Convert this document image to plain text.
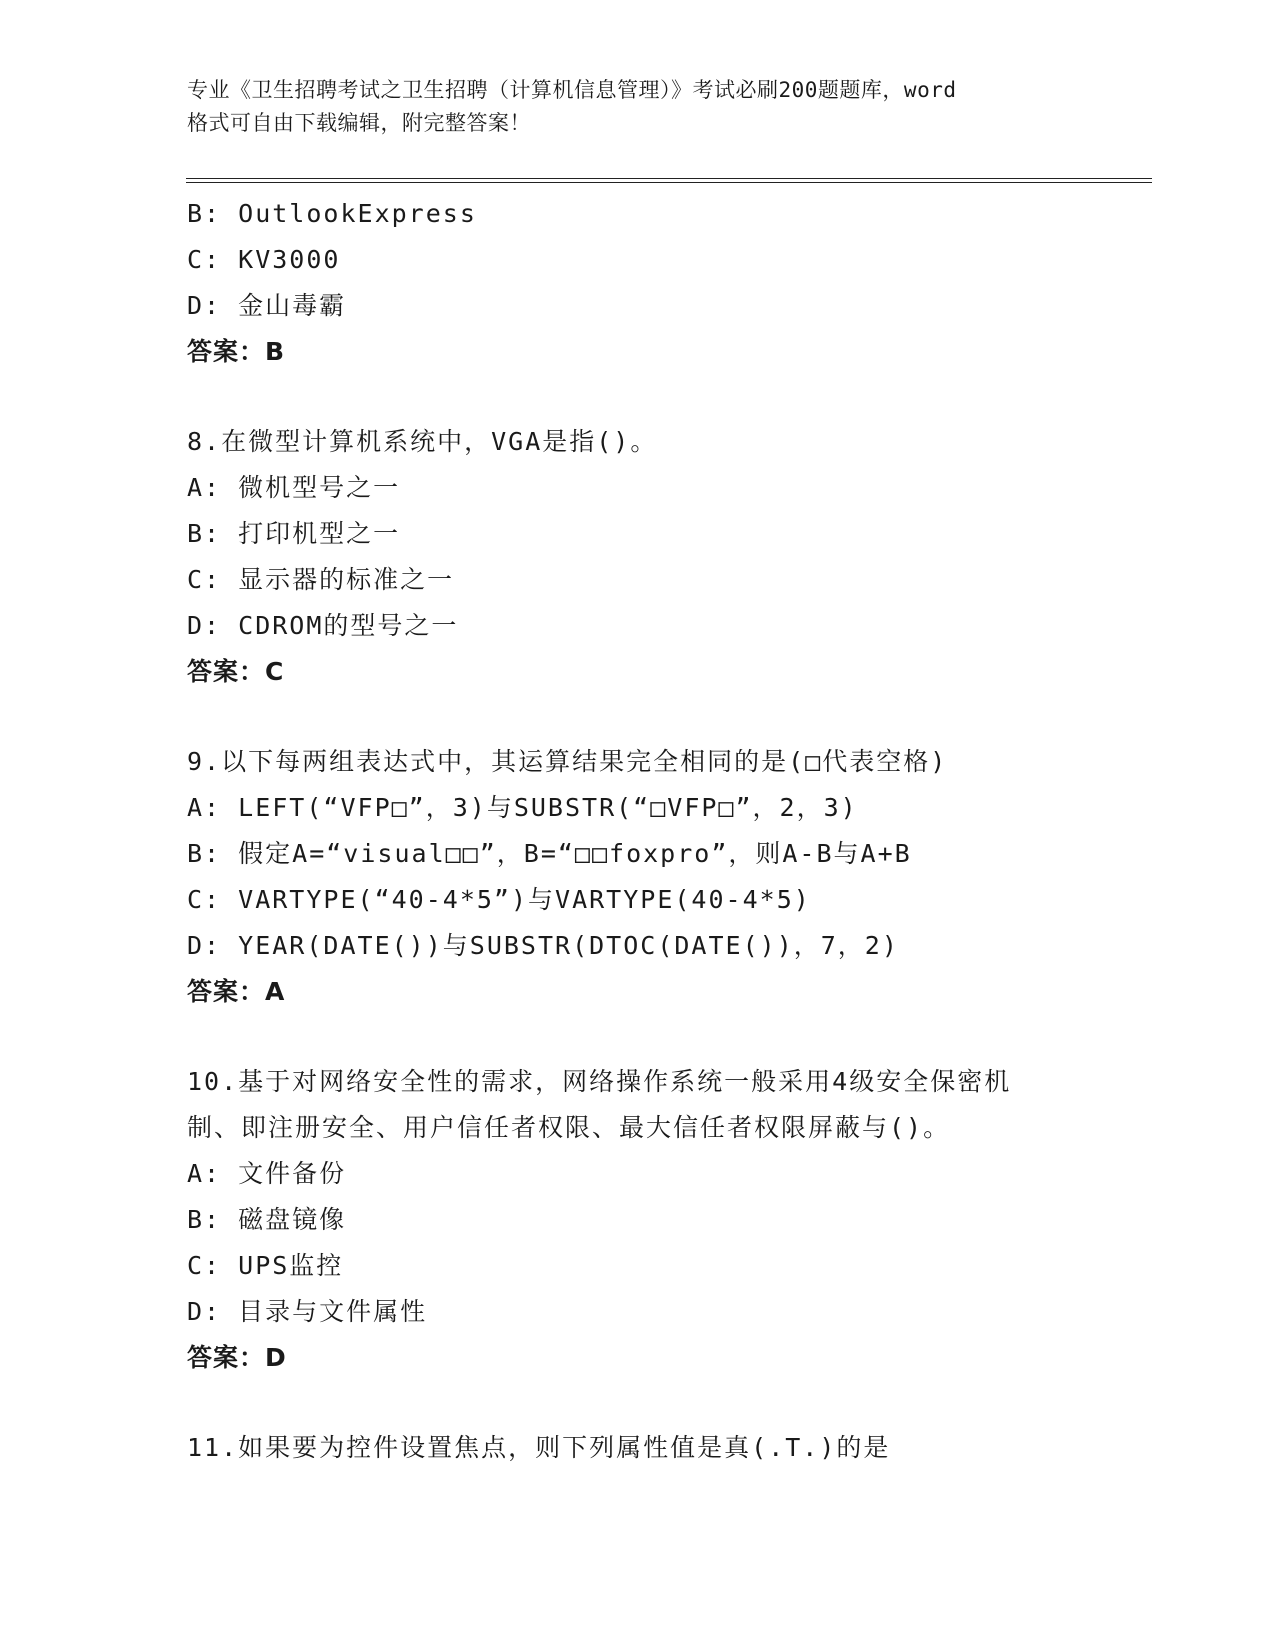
专业《卫生招聘考试之卫生招聘（计算机信息管理）》考试必刷200题题库，word
格式可自由下载编辑，附完整答案！
B: OutlookExpress
C: KV3000
D: 金山毒霸
答案：B
8.在微型计算机系统中，VGA是指()。
A: 微机型号之一
B: 打印机型之一
C: 显示器的标准之一
D: CDROM的型号之一
答案：C
9.以下每两组表达式中，其运算结果完全相同的是(□代表空格)
A: LEFT(“VFP□”，3)与SUBSTR(“□VFP□”，2，3)
B: 假定A=“visual□□”，B=“□□foxpro”，则A-B与A+B
C: VARTYPE(“40-4*5”)与VARTYPE(40-4*5)
D: YEAR(DATE())与SUBSTR(DTOC(DATE())，7，2)
答案：A
10.基于对网络安全性的需求，网络操作系统一般采用4级安全保密机
制、即注册安全、用户信任者权限、最大信任者权限屏蔽与()。
A: 文件备份
B: 磁盘镜像
C: UPS监控
D: 目录与文件属性
答案：D
11.如果要为控件设置焦点，则下列属性值是真(.T.)的是
